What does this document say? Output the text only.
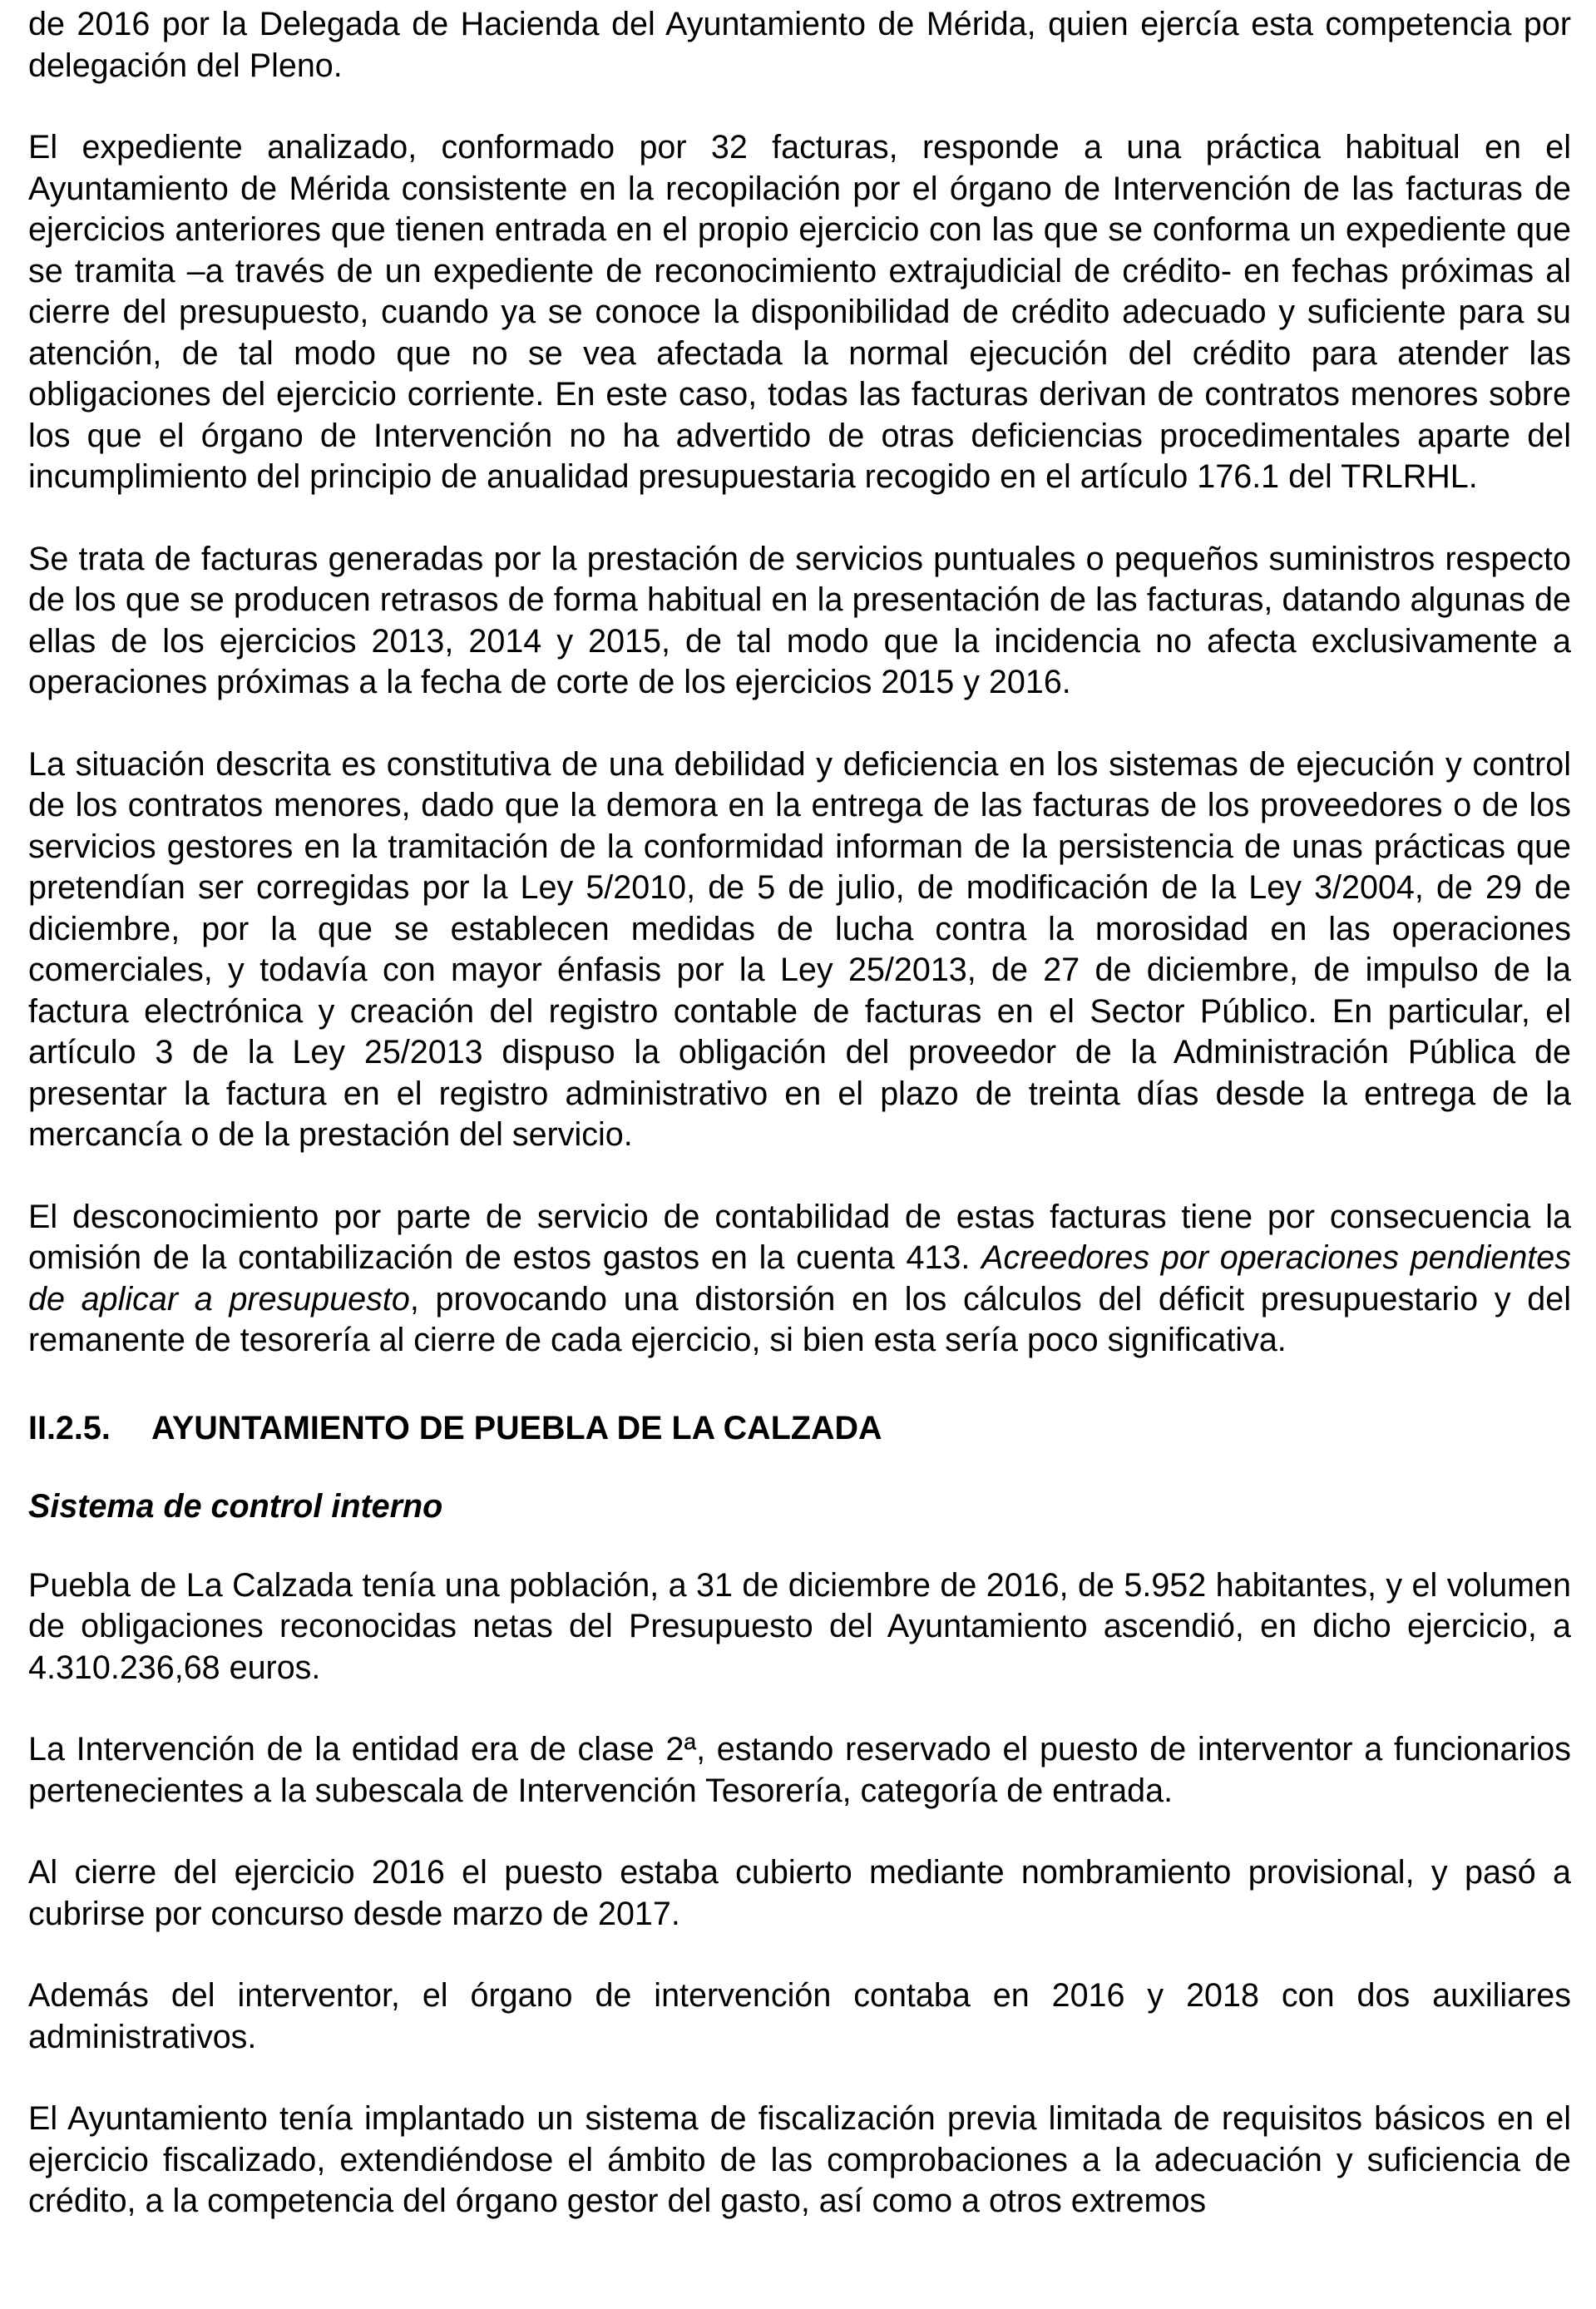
de 2016 por la Delegada de Hacienda del Ayuntamiento de Mérida, quien ejercía esta competencia por delegación del Pleno.

El expediente analizado, conformado por 32 facturas, responde a una práctica habitual en el Ayuntamiento de Mérida consistente en la recopilación por el órgano de Intervención de las facturas de ejercicios anteriores que tienen entrada en el propio ejercicio con las que se conforma un expediente que se tramita –a través de un expediente de reconocimiento extrajudicial de crédito- en fechas próximas al cierre del presupuesto, cuando ya se conoce la disponibilidad de crédito adecuado y suficiente para su atención, de tal modo que no se vea afectada la normal ejecución del crédito para atender las obligaciones del ejercicio corriente. En este caso, todas las facturas derivan de contratos menores sobre los que el órgano de Intervención no ha advertido de otras deficiencias procedimentales aparte del incumplimiento del principio de anualidad presupuestaria recogido en el artículo 176.1 del TRLRHL.

Se trata de facturas generadas por la prestación de servicios puntuales o pequeños suministros respecto de los que se producen retrasos de forma habitual en la presentación de las facturas, datando algunas de ellas de los ejercicios 2013, 2014 y 2015, de tal modo que la incidencia no afecta exclusivamente a operaciones próximas a la fecha de corte de los ejercicios 2015 y 2016.

La situación descrita es constitutiva de una debilidad y deficiencia en los sistemas de ejecución y control de los contratos menores, dado que la demora en la entrega de las facturas de los proveedores o de los servicios gestores en la tramitación de la conformidad informan de la persistencia de unas prácticas que pretendían ser corregidas por la Ley 5/2010, de 5 de julio, de modificación de la Ley 3/2004, de 29 de diciembre, por la que se establecen medidas de lucha contra la morosidad en las operaciones comerciales, y todavía con mayor énfasis por la Ley 25/2013, de 27 de diciembre, de impulso de la factura electrónica y creación del registro contable de facturas en el Sector Público. En particular, el artículo 3 de la Ley 25/2013 dispuso la obligación del proveedor de la Administración Pública de presentar la factura en el registro administrativo en el plazo de treinta días desde la entrega de la mercancía o de la prestación del servicio.

El desconocimiento por parte de servicio de contabilidad de estas facturas tiene por consecuencia la omisión de la contabilización de estos gastos en la cuenta 413. Acreedores por operaciones pendientes de aplicar a presupuesto, provocando una distorsión en los cálculos del déficit presupuestario y del remanente de tesorería al cierre de cada ejercicio, si bien esta sería poco significativa.

II.2.5. AYUNTAMIENTO DE PUEBLA DE LA CALZADA
Sistema de control interno

Puebla de La Calzada tenía una población, a 31 de diciembre de 2016, de 5.952 habitantes, y el volumen de obligaciones reconocidas netas del Presupuesto del Ayuntamiento ascendió, en dicho ejercicio, a 4.310.236,68 euros.

La Intervención de la entidad era de clase 2ª, estando reservado el puesto de interventor a funcionarios pertenecientes a la subescala de Intervención Tesorería, categoría de entrada.

Al cierre del ejercicio 2016 el puesto estaba cubierto mediante nombramiento provisional, y pasó a cubrirse por concurso desde marzo de 2017.

Además del interventor, el órgano de intervención contaba en 2016 y 2018 con dos auxiliares administrativos.

El Ayuntamiento tenía implantado un sistema de fiscalización previa limitada de requisitos básicos en el ejercicio fiscalizado, extendiéndose el ámbito de las comprobaciones a la adecuación y suficiencia de crédito, a la competencia del órgano gestor del gasto, así como a otros extremos
